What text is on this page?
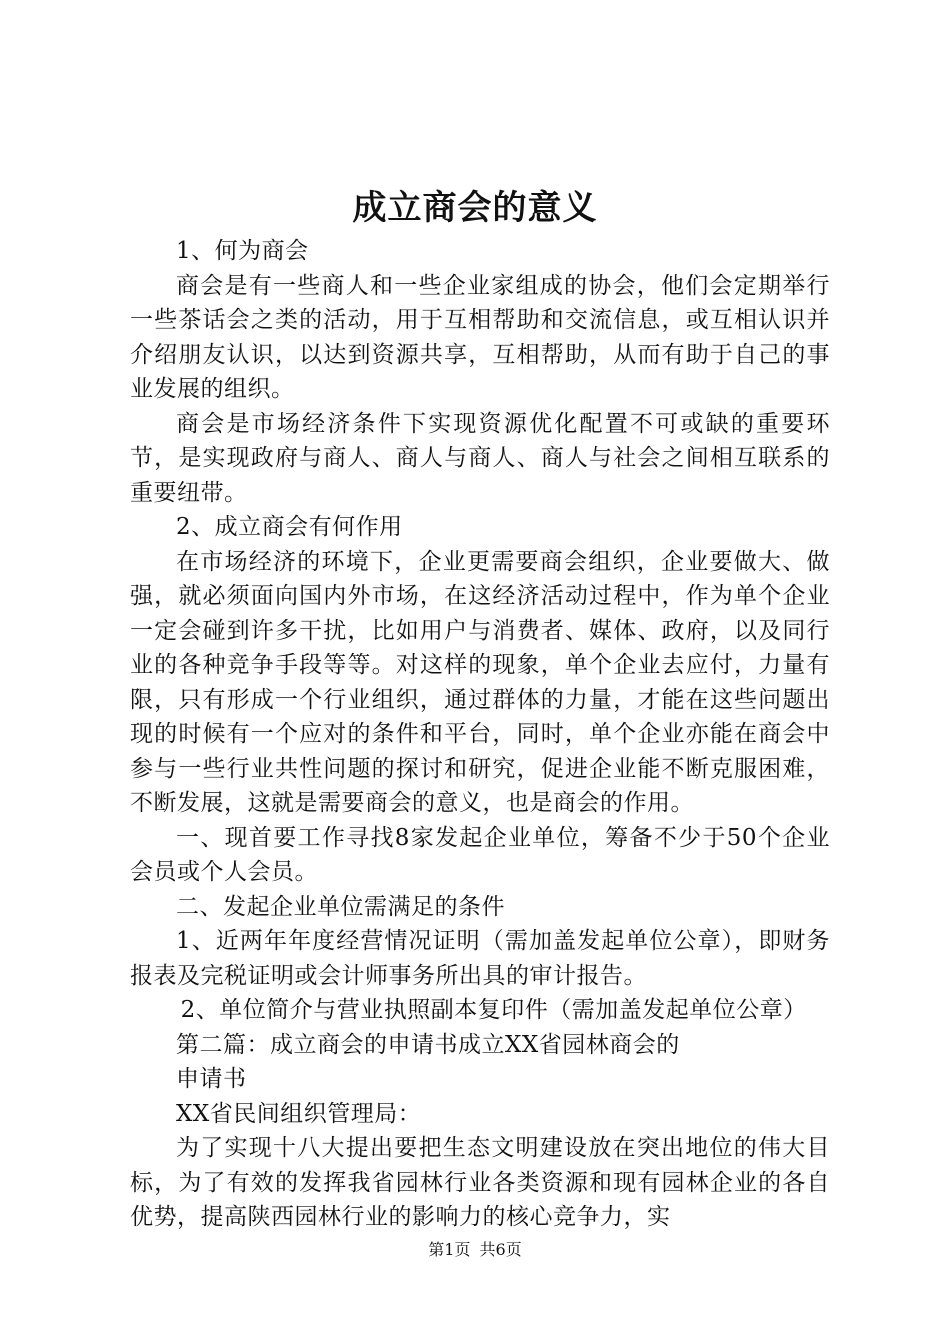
成立商会的意义

1、何为商会

商会是有一些商人和一些企业家组成的协会，他们会定期举行一些茶话会之类的活动，用于互相帮助和交流信息，或互相认识并介绍朋友认识，以达到资源共享，互相帮助，从而有助于自己的事业发展的组织。

商会是市场经济条件下实现资源优化配置不可或缺的重要环节，是实现政府与商人、商人与商人、商人与社会之间相互联系的重要纽带。

2、成立商会有何作用

在市场经济的环境下，企业更需要商会组织，企业要做大、做强，就必须面向国内外市场，在这经济活动过程中，作为单个企业一定会碰到许多干扰，比如用户与消费者、媒体、政府，以及同行业的各种竞争手段等等。对这样的现象，单个企业去应付，力量有限，只有形成一个行业组织，通过群体的力量，才能在这些问题出现的时候有一个应对的条件和平台，同时，单个企业亦能在商会中参与一些行业共性问题的探讨和研究，促进企业能不断克服困难，不断发展，这就是需要商会的意义，也是商会的作用。

一、现首要工作寻找8家发起企业单位，筹备不少于50个企业会员或个人会员。

二、发起企业单位需满足的条件

1、近两年年度经营情况证明（需加盖发起单位公章），即财务报表及完税证明或会计师事务所出具的审计报告。

2、单位简介与营业执照副本复印件（需加盖发起单位公章）

第二篇：成立商会的申请书成立XX省园林商会的

申请书

XX省民间组织管理局：

为了实现十八大提出要把生态文明建设放在突出地位的伟大目标，为了有效的发挥我省园林行业各类资源和现有园林企业的各自优势，提高陕西园林行业的影响力的核心竞争力，实

第1页 共6页
